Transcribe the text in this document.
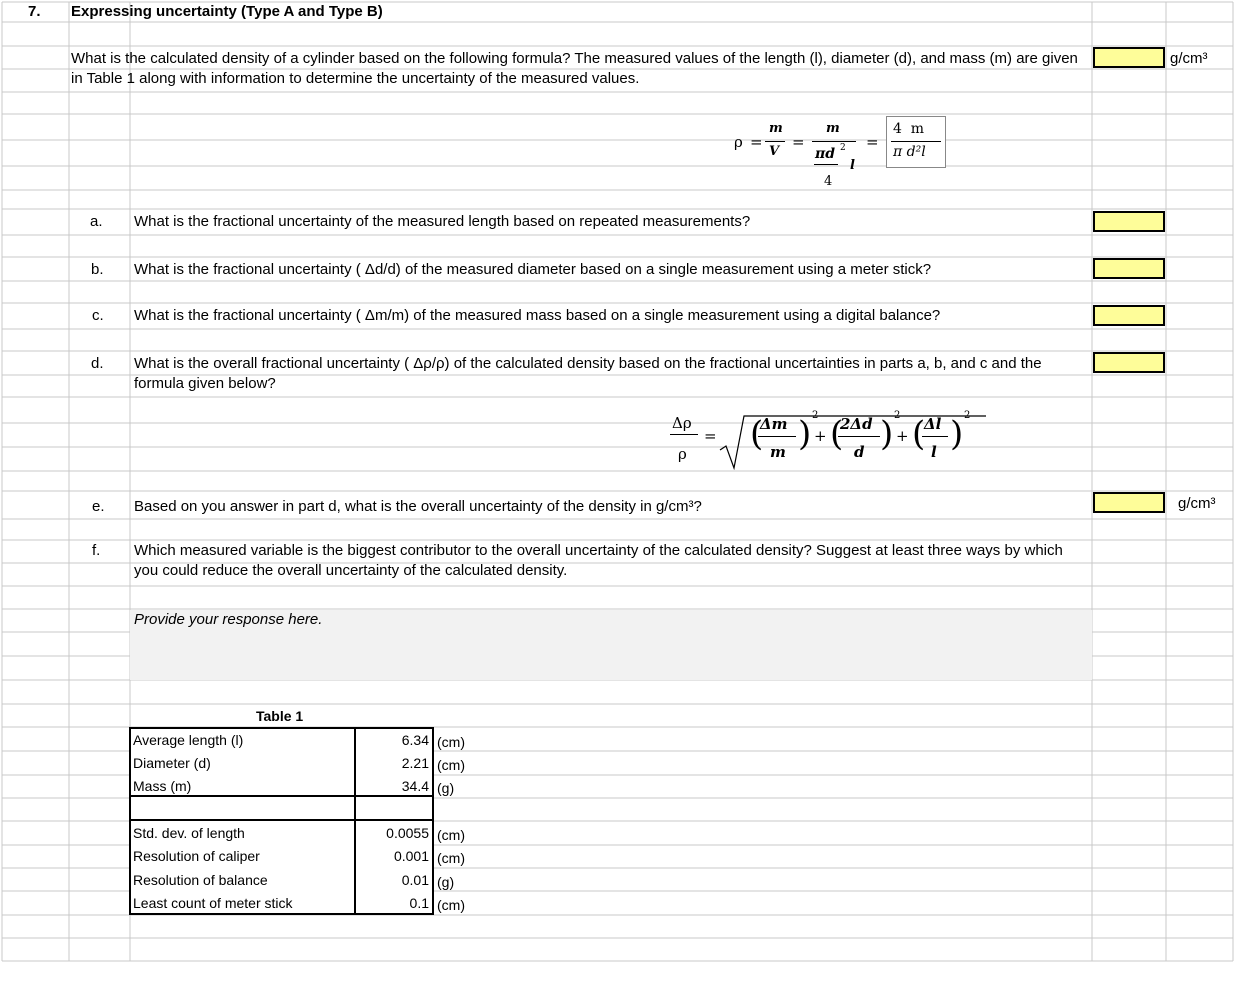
7. Expressing uncertainty (Type A and Type B)
What is the calculated density of a cylinder based on the following formula? The measured values of the length (l), diameter (d), and mass (m) are given in Table 1 along with information to determine the uncertainty of the measured values.
g/cm³
ρ =
m
V
=
m
πd 2
4
l
=
4  m
π d²l
a. What is the fractional uncertainty of the measured length based on repeated measurements?
b. What is the fractional uncertainty ( Δd/d) of the measured diameter based on a single measurement using a meter stick?
c. What is the fractional uncertainty ( Δm/m) of the measured mass based on a single measurement using a digital balance?
d. What is the overall fractional uncertainty ( Δρ/ρ) of the calculated density based on the fractional uncertainties in parts a, b, and c and the formula given below?
Δρ
ρ
= (
Δm
m ) 2
+ (
2Δd
d ) 2
+ (
Δl
l ) 2
e. Based on you answer in part d, what is the overall uncertainty of the density in g/cm³?	g/cm³
f. Which measured variable is the biggest contributor to the overall uncertainty of the calculated density? Suggest at least three ways by which you could reduce the overall uncertainty of the calculated density.
Provide your response here.
Table 1
Average length (l)	6.34 (cm)
Diameter (d)	2.21 (cm)
Mass (m)	34.4 (g)
Std. dev. of length	0.0055 (cm)
Resolution of caliper	0.001 (cm)
Resolution of balance	0.01 (g)
Least count of meter stick	0.1 (cm)
